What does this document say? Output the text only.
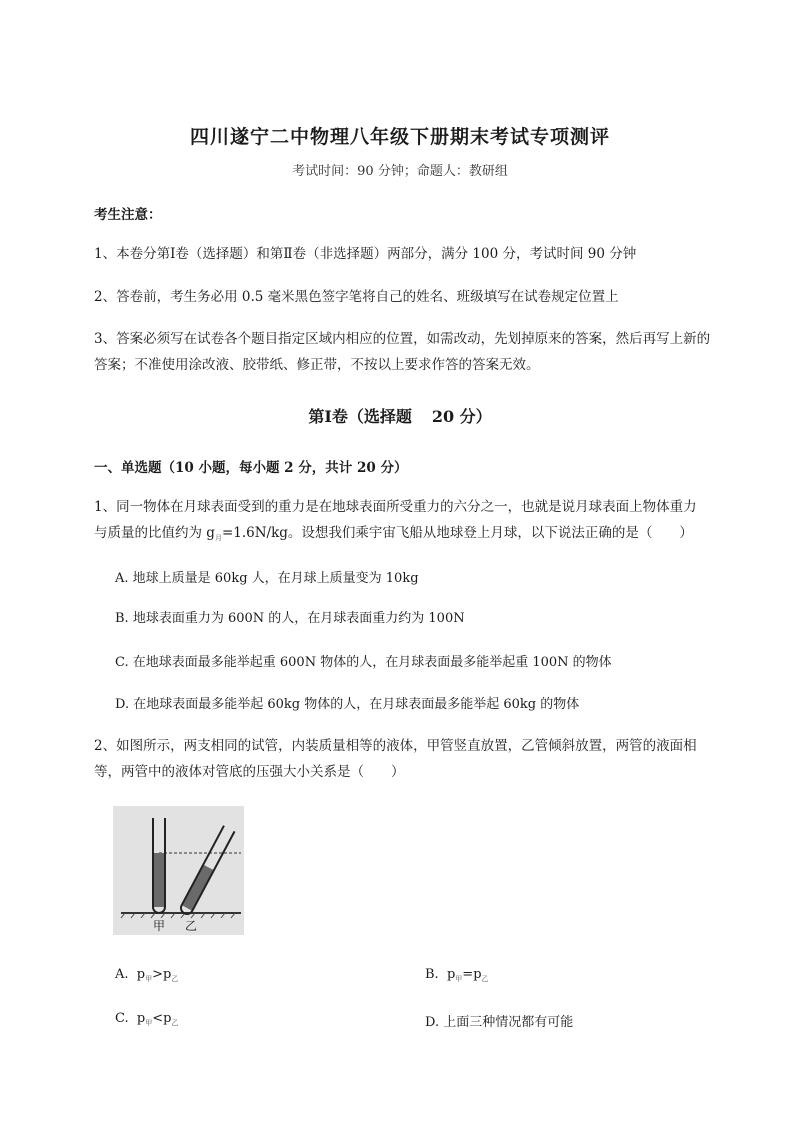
四川遂宁二中物理八年级下册期末考试专项测评
考试时间：90 分钟；命题人：教研组
考生注意：
1、本卷分第Ⅰ卷（选择题）和第Ⅱ卷（非选择题）两部分，满分 100 分，考试时间 90 分钟
2、答卷前，考生务必用 0.5 毫米黑色签字笔将自己的姓名、班级填写在试卷规定位置上
3、答案必须写在试卷各个题目指定区域内相应的位置，如需改动，先划掉原来的答案，然后再写上新的答案；不准使用涂改液、胶带纸、修正带，不按以上要求作答的答案无效。
第Ⅰ卷（选择题 20 分）
一、单选题（10 小题，每小题 2 分，共计 20 分）
1、同一物体在月球表面受到的重力是在地球表面所受重力的六分之一，也就是说月球表面上物体重力
与质量的比值约为 $g_月=1.6N/kg$。设想我们乘宇宙飞船从地球登上月球，以下说法正确的是（　　）
A. 地球上质量是 60kg 人，在月球上质量变为 10kg
B. 地球表面重力为 600N 的人，在月球表面重力约为 100N
C. 在地球表面最多能举起重 600N 物体的人，在月球表面最多能举起重 100N 的物体
D. 在地球表面最多能举起 60kg 物体的人，在月球表面最多能举起 60kg 的物体
2、如图所示，两支相同的试管，内装质量相等的液体，甲管竖直放置，乙管倾斜放置，两管的液面相
等，两管中的液体对管底的压强大小关系是（　　）
甲 乙
A. $p_甲>p_乙$	B. $p_甲=p_乙$
C. $p_甲<p_乙$	D. 上面三种情况都有可能
